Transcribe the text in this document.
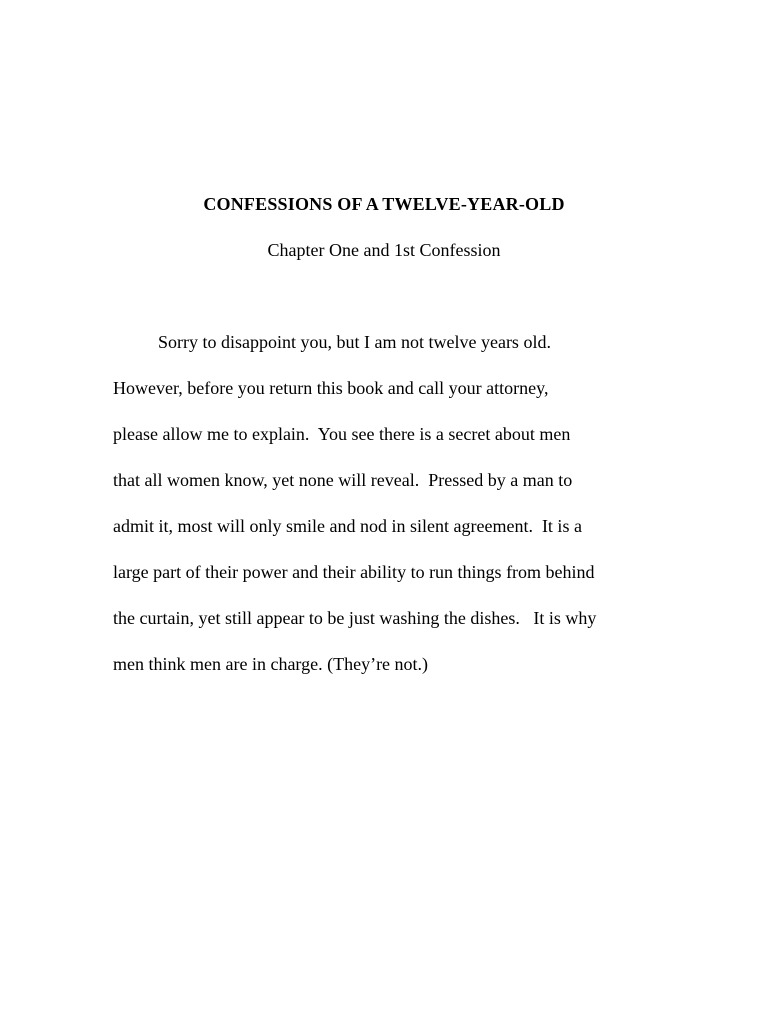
CONFESSIONS OF A TWELVE-YEAR-OLD
Chapter One and 1st Confession
Sorry to disappoint you, but I am not twelve years old.
However, before you return this book and call your attorney,
please allow me to explain.  You see there is a secret about men
that all women know, yet none will reveal.  Pressed by a man to
admit it, most will only smile and nod in silent agreement.  It is a
large part of their power and their ability to run things from behind
the curtain, yet still appear to be just washing the dishes.   It is why
men think men are in charge. (They’re not.)
